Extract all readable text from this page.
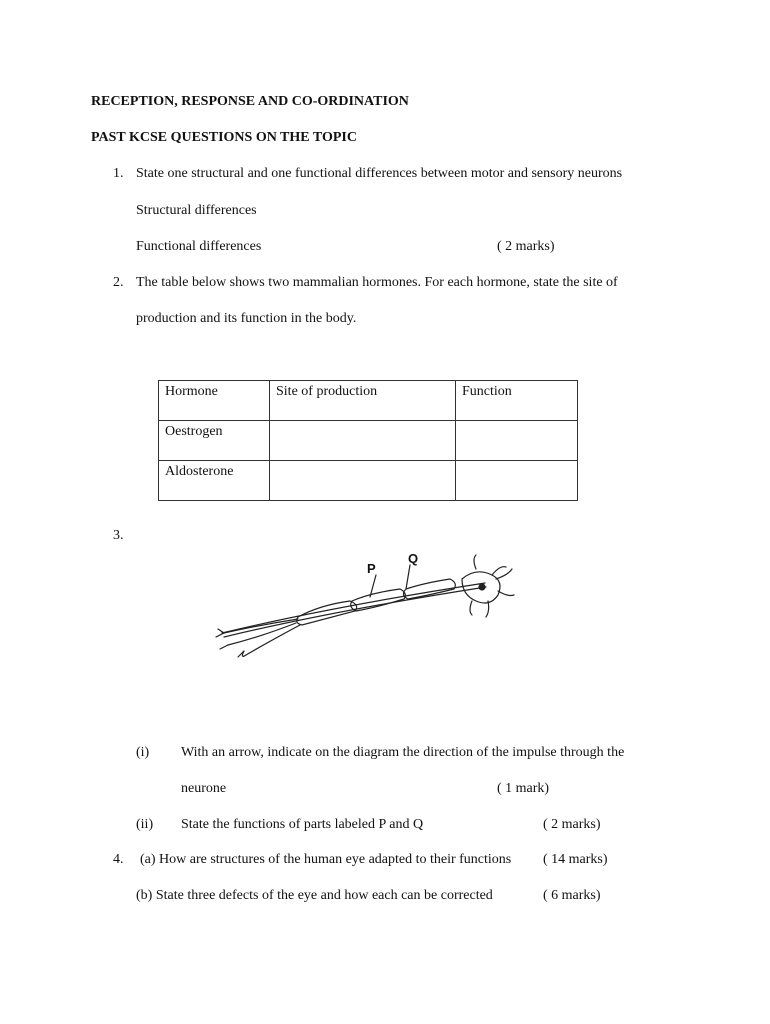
RECEPTION, RESPONSE AND CO-ORDINATION
PAST KCSE QUESTIONS ON THE TOPIC
1. State one structural and one functional differences between motor and sensory neurons
Structural differences
Functional differences	( 2 marks)
2. The table below shows two mammalian hormones. For each hormone, state the site of
production and its function in the body.
Hormone	Site of production	Function
Oestrogen		
Aldosterone		
3.
P
Q
(i) With an arrow, indicate on the diagram the direction of the impulse through the
neurone	( 1 mark)
(ii) State the functions of parts labeled P and Q	( 2 marks)
4. (a) How are structures of the human eye adapted to their functions ( 14 marks)
(b) State three defects of the eye and how each can be corrected	( 6 marks)
